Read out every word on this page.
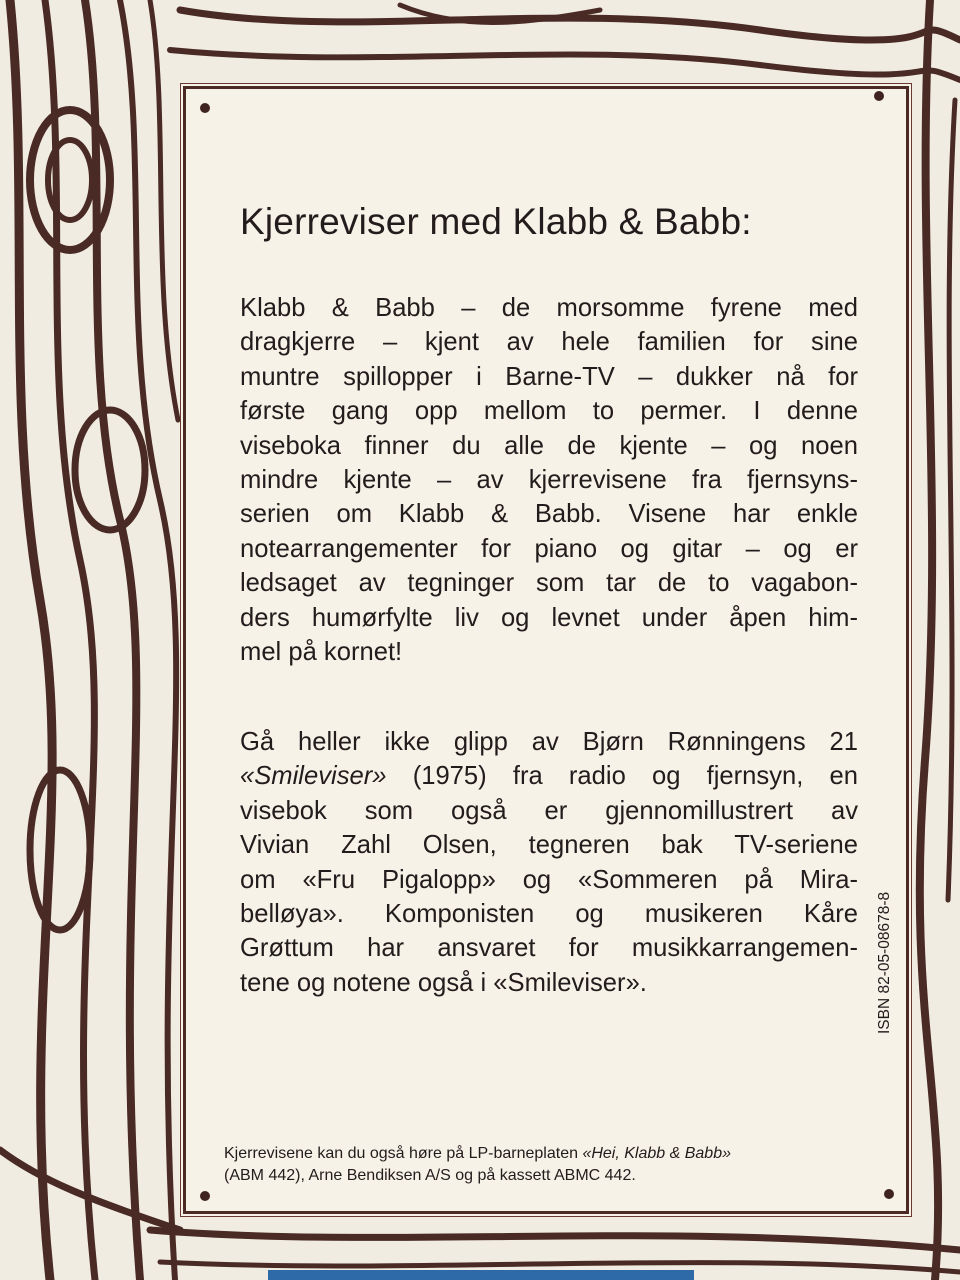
Kjerreviser med Klabb & Babb:
Klabb & Babb – de morsomme fyrene med
dragkjerre – kjent av hele familien for sine
muntre spillopper i Barne-TV – dukker nå for
første gang opp mellom to permer. I denne
viseboka finner du alle de kjente – og noen
mindre kjente – av kjerrevisene fra fjernsyns-
serien om Klabb & Babb. Visene har enkle
notearrangementer for piano og gitar – og er
ledsaget av tegninger som tar de to vagabon-
ders humørfylte liv og levnet under åpen him-
mel på kornet!
Gå heller ikke glipp av Bjørn Rønningens 21
«Smileviser» (1975) fra radio og fjernsyn, en
visebok som også er gjennomillustrert av
Vivian Zahl Olsen, tegneren bak TV-seriene
om «Fru Pigalopp» og «Sommeren på Mira-
belløya». Komponisten og musikeren Kåre
Grøttum har ansvaret for musikkarrangemen-
tene og notene også i «Smileviser».
Kjerrevisene kan du også høre på LP-barneplaten «Hei, Klabb & Babb»
(ABM 442), Arne Bendiksen A/S og på kassett ABMC 442.
ISBN 82-05-08678-8
